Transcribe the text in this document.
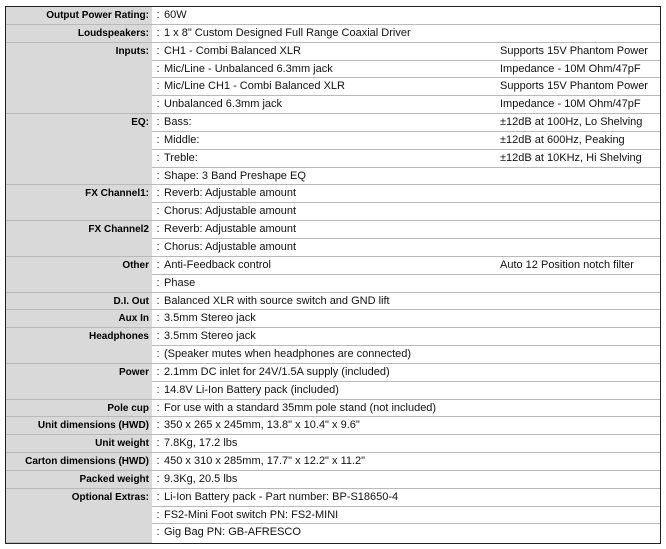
Output Power Rating: : 60W
Loudspeakers: : 1 x 8" Custom Designed Full Range Coaxial Driver
Inputs: : CH1 - Combi Balanced XLR	Supports 15V Phantom Power
: Mic/Line - Unbalanced 6.3mm jack	Impedance - 10M Ohm/47pF
: Mic/Line CH1 - Combi Balanced XLR	Supports 15V Phantom Power
: Unbalanced 6.3mm jack	Impedance - 10M Ohm/47pF
EQ: : Bass:	±12dB at 100Hz, Lo Shelving
: Middle:	±12dB at 600Hz, Peaking
: Treble:	±12dB at 10KHz, Hi Shelving
: Shape: 3 Band Preshape EQ
FX Channel1: : Reverb: Adjustable amount
: Chorus: Adjustable amount
FX Channel2 : Reverb: Adjustable amount
: Chorus: Adjustable amount
Other : Anti-Feedback control	Auto 12 Position notch filter
: Phase
D.I. Out : Balanced XLR with source switch and GND lift
Aux In : 3.5mm Stereo jack
Headphones : 3.5mm Stereo jack
: (Speaker mutes when headphones are connected)
Power : 2.1mm DC inlet for 24V/1.5A supply (included)
: 14.8V Li-Ion Battery pack (included)
Pole cup : For use with a standard 35mm pole stand (not included)
Unit dimensions (HWD) : 350 x 265 x 245mm, 13.8" x 10.4" x 9.6"
Unit weight : 7.8Kg, 17.2 lbs
Carton dimensions (HWD) : 450 x 310 x 285mm, 17.7" x 12.2" x 11.2"
Packed weight : 9.3Kg, 20.5 lbs
Optional Extras: : Li-Ion Battery pack - Part number: BP-S18650-4
: FS2-Mini Foot switch PN: FS2-MINI
: Gig Bag PN: GB-AFRESCO
